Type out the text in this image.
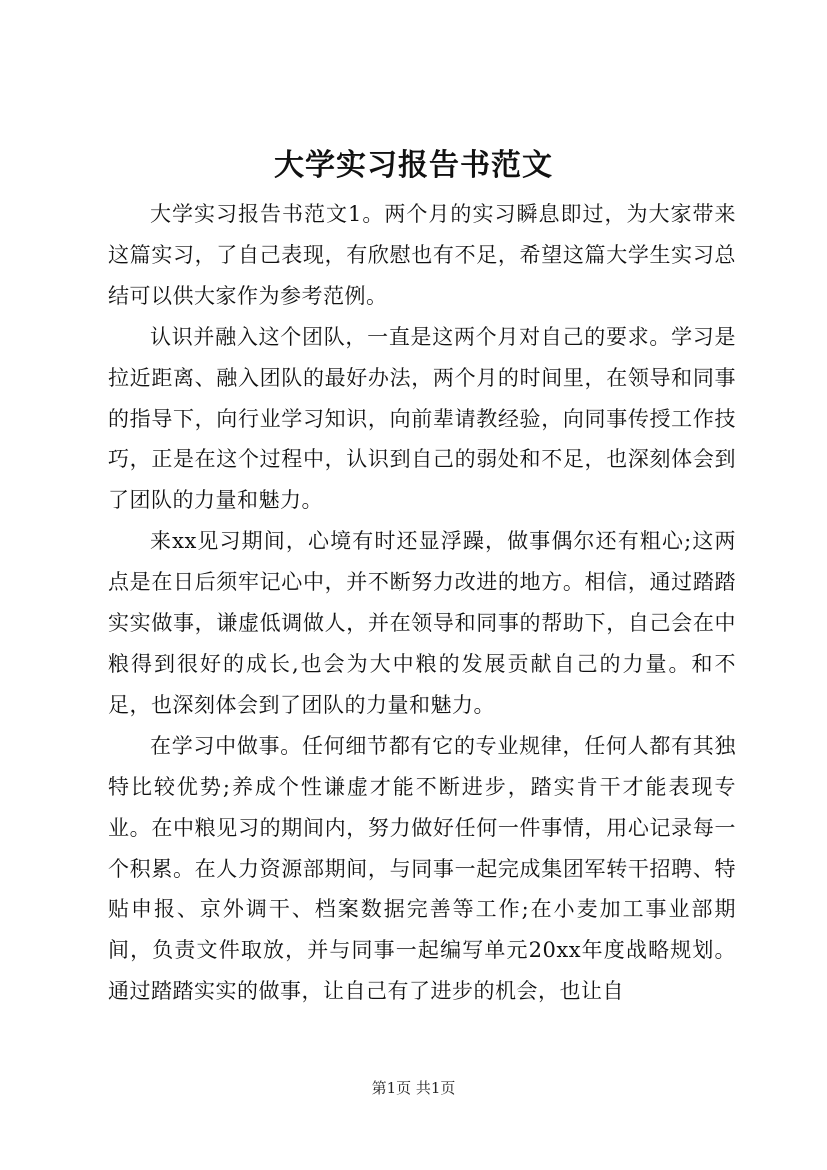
大学实习报告书范文

大学实习报告书范文1。两个月的实习瞬息即过，为大家带来这篇实习，了自己表现，有欣慰也有不足，希望这篇大学生实习总结可以供大家作为参考范例。

认识并融入这个团队，一直是这两个月对自己的要求。学习是拉近距离、融入团队的最好办法，两个月的时间里，在领导和同事的指导下，向行业学习知识，向前辈请教经验，向同事传授工作技巧，正是在这个过程中，认识到自己的弱处和不足，也深刻体会到了团队的力量和魅力。

来xx见习期间，心境有时还显浮躁，做事偶尔还有粗心;这两点是在日后须牢记心中，并不断努力改进的地方。相信，通过踏踏实实做事，谦虚低调做人，并在领导和同事的帮助下，自己会在中粮得到很好的成长,也会为大中粮的发展贡献自己的力量。和不足，也深刻体会到了团队的力量和魅力。

在学习中做事。任何细节都有它的专业规律，任何人都有其独特比较优势;养成个性谦虚才能不断进步，踏实肯干才能表现专业。在中粮见习的期间内，努力做好任何一件事情，用心记录每一个积累。在人力资源部期间，与同事一起完成集团军转干招聘、特贴申报、京外调干、档案数据完善等工作;在小麦加工事业部期间，负责文件取放，并与同事一起编写单元20xx年度战略规划。通过踏踏实实的做事，让自己有了进步的机会，也让自

第1页 共1页
